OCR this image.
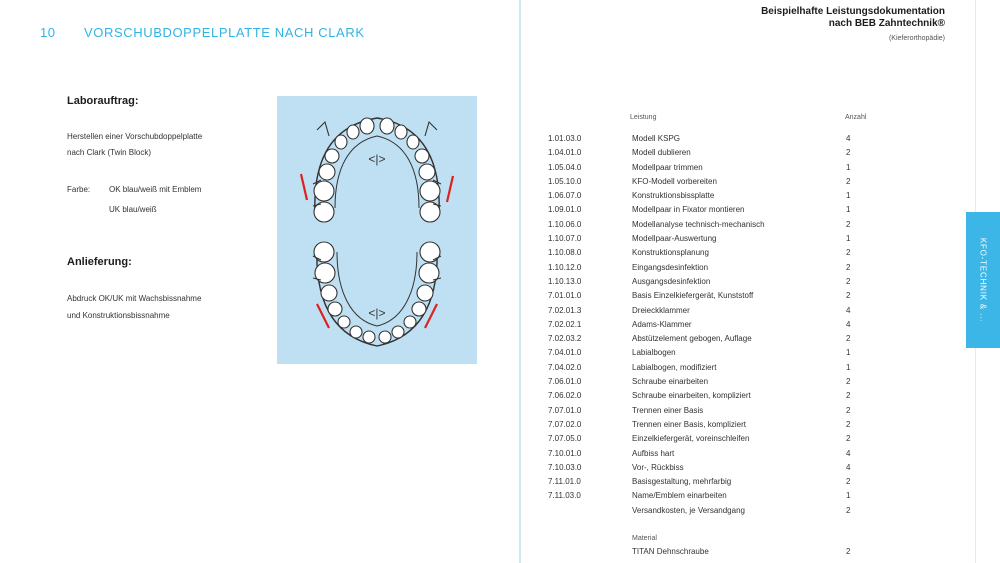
10 VORSCHUBDOPPELPLATTE NACH CLARK
Laborauftrag:
Herstellen einer Vorschubdoppelplatte
nach Clark (Twin Block)
Farbe: OK blau/weiß mit Emblem
UK blau/weiß
Anlieferung:
Abdruck OK/UK mit Wachsbissnahme
und Konstruktionsbissnahme
<|>
<|>
Beispielhafte Leistungsdokumentation
nach BEB Zahntechnik®
(Kieferorthopädie)
Leistung	Anzahl
1.01.03.0	Modell KSPG	4
1.04.01.0	Modell dublieren	2
1.05.04.0	Modellpaar trimmen	1
1.05.10.0	KFO-Modell vorbereiten	2
1.06.07.0	Konstruktionsbissplatte	1
1.09.01.0	Modellpaar in Fixator montieren	1
1.10.06.0	Modellanalyse technisch-mechanisch	2
1.10.07.0	Modellpaar-Auswertung	1
1.10.08.0	Konstruktionsplanung	2
1.10.12.0	Eingangsdesinfektion	2
1.10.13.0	Ausgangsdesinfektion	2
7.01.01.0	Basis Einzelkiefergerät, Kunststoff	2
7.02.01.3	Dreieckklammer	4
7.02.02.1	Adams-Klammer	4
7.02.03.2	Abstützelement gebogen, Auflage	2
7.04.01.0	Labialbogen	1
7.04.02.0	Labialbogen, modifiziert	1
7.06.01.0	Schraube einarbeiten	2
7.06.02.0	Schraube einarbeiten, kompliziert	2
7.07.01.0	Trennen einer Basis	2
7.07.02.0	Trennen einer Basis, kompliziert	2
7.07.05.0	Einzelkiefergerät, voreinschleifen	2
7.10.01.0	Aufbiss hart	4
7.10.03.0	Vor-, Rückbiss	4
7.11.01.0	Basisgestaltung, mehrfarbig	2
7.11.03.0	Name/Emblem einarbeiten	1
Versandkosten, je Versandgang	2
Material
TITAN Dehnschraube	2
KFO-TECHNIK & ...
